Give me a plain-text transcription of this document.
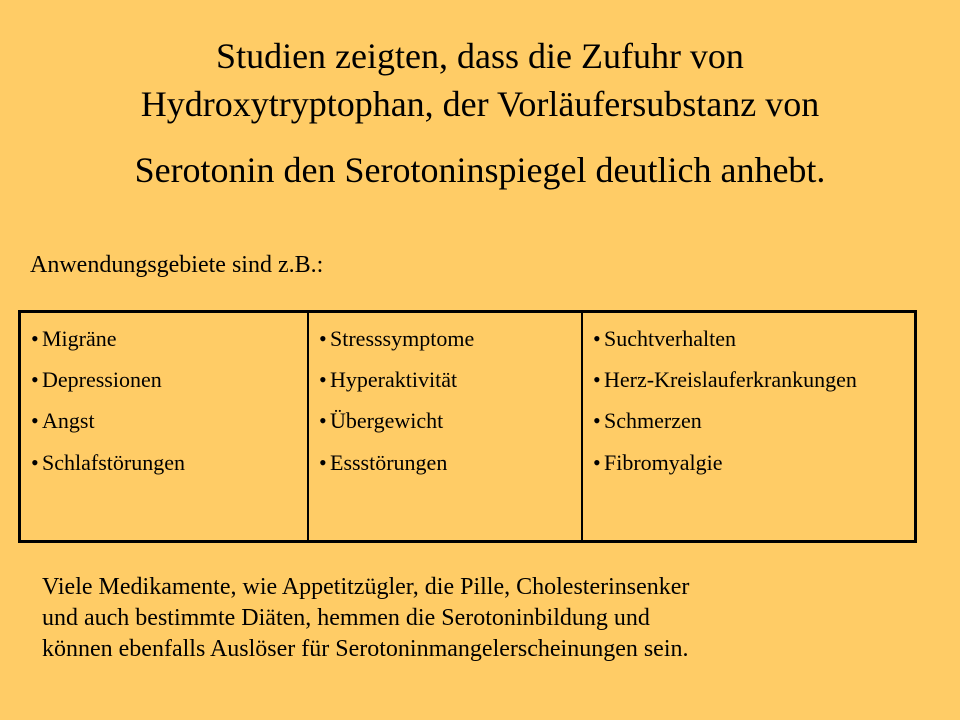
Studien zeigten, dass die Zufuhr von
Hydroxytryptophan, der Vorläufersubstanz von
Serotonin den Serotoninspiegel deutlich anhebt.
Anwendungsgebiete sind z.B.:
• Migräne
• Depressionen
• Angst
• Schlafstörungen
• Stresssymptome
• Hyperaktivität
• Übergewicht
• Essstörungen
• Suchtverhalten
• Herz-Kreislauferkrankungen
• Schmerzen
• Fibromyalgie
Viele Medikamente, wie Appetitzügler, die Pille, Cholesterinsenker
und auch bestimmte Diäten, hemmen die Serotoninbildung und
können ebenfalls Auslöser für Serotoninmangelerscheinungen sein.
